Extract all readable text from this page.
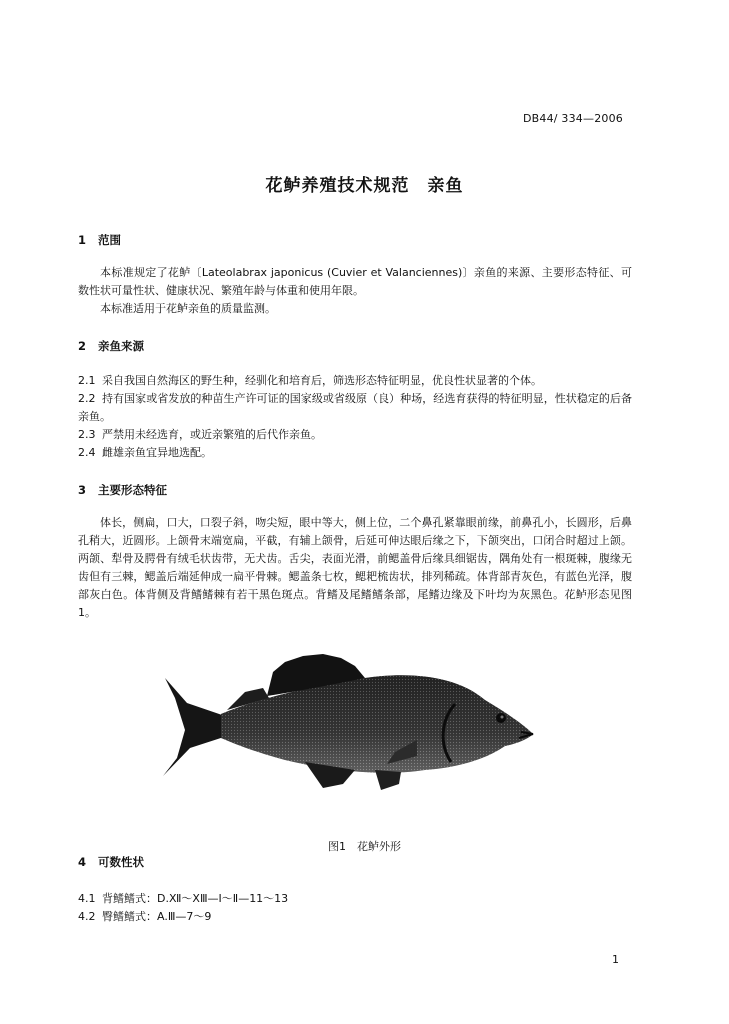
DB44/ 334—2006
花鲈养殖技术规范　亲鱼
1 范围
本标准规定了花鲈〔Lateolabrax japonicus (Cuvier et Valanciennes)〕亲鱼的来源、主要形态特征、可数性状可量性状、健康状况、繁殖年龄与体重和使用年限。
本标准适用于花鲈亲鱼的质量监测。
2 亲鱼来源
2.1 采自我国自然海区的野生种，经驯化和培育后，筛选形态特征明显，优良性状显著的个体。
2.2 持有国家或省发放的种苗生产许可证的国家级或省级原（良）种场，经选育获得的特征明显，性状稳定的后备亲鱼。
2.3 严禁用未经选育，或近亲繁殖的后代作亲鱼。
2.4 雌雄亲鱼宜异地选配。
3 主要形态特征
体长，侧扁，口大，口裂子斜，吻尖短，眼中等大，侧上位，二个鼻孔紧靠眼前缘，前鼻孔小，长圆形，后鼻孔稍大，近圆形。上颌骨末端宽扁，平截，有辅上颌骨，后延可伸达眼后缘之下，下颌突出，口闭合时超过上颌。两颌、犁骨及腭骨有绒毛状齿带，无犬齿。舌尖，表面光滑，前鳃盖骨后缘具细锯齿，隅角处有一根斑棘，腹缘无齿但有三棘，鳃盖后端延伸成一扁平骨棘。鳃盖条七枚，鳃耙梳齿状，排列稀疏。体背部青灰色，有蓝色光泽，腹部灰白色。体背侧及背鳍鳍棘有若干黑色斑点。背鳍及尾鳍鳍条部，尾鳍边缘及下叶均为灰黑色。花鲈形态见图1。
图1　花鲈外形
4 可数性状
4.1 背鳍鳍式：D.Ⅻ～ⅩⅢ—Ⅰ～Ⅱ—11～13
4.2 臀鳍鳍式：A.Ⅲ—7～9
1
